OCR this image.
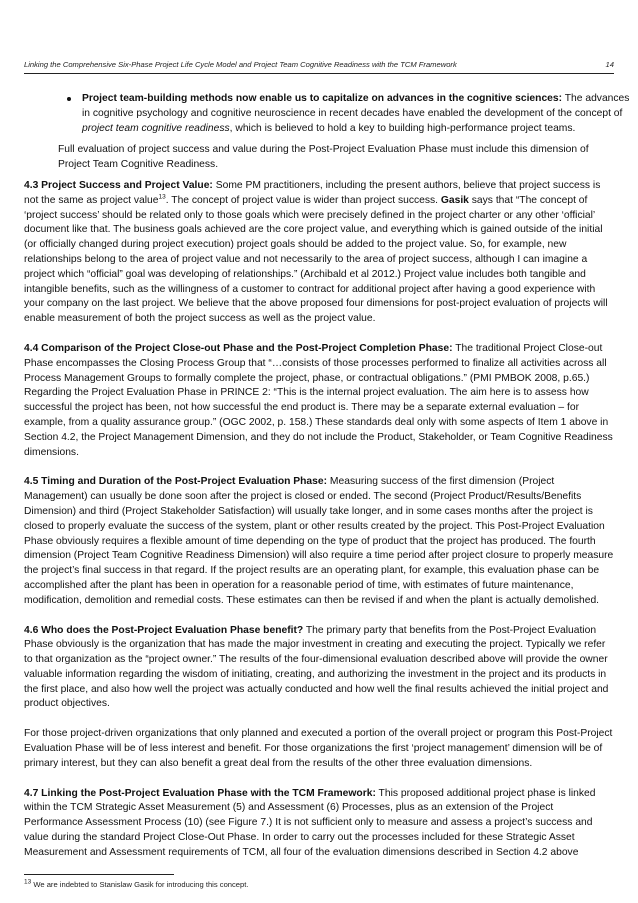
Linking the Comprehensive Six-Phase Project Life Cycle Model and Project Team Cognitive Readiness with the TCM Framework	14

Project team-building methods now enable us to capitalize on advances in the cognitive sciences: The advances in cognitive psychology and cognitive neuroscience in recent decades have enabled the development of the concept of project team cognitive readiness, which is believed to hold a key to building high-performance project teams.

Full evaluation of project success and value during the Post-Project Evaluation Phase must include this dimension of Project Team Cognitive Readiness.

4.3 Project Success and Project Value: Some PM practitioners, including the present authors, believe that project success is not the same as project value$^{13}$. The concept of project value is wider than project success. Gasik says that “The concept of ‘project success’ should be related only to those goals which were precisely defined in the project charter or any other ‘official’ document like that. The business goals achieved are the core project value, and everything which is gained outside of the initial (or officially changed during project execution) project goals should be added to the project value. So, for example, new relationships belong to the area of project value and not necessarily to the area of project success, although I can imagine a project which “official” goal was developing of relationships.” (Archibald et al 2012.) Project value includes both tangible and intangible benefits, such as the willingness of a customer to contract for additional project after having a good experience with your company on the last project. We believe that the above proposed four dimensions for post-project evaluation of projects will enable measurement of both the project success as well as the project value.

4.4 Comparison of the Project Close-out Phase and the Post-Project Completion Phase: The traditional Project Close-out Phase encompasses the Closing Process Group that “…consists of those processes performed to finalize all activities across all Process Management Groups to formally complete the project, phase, or contractual obligations.” (PMI PMBOK 2008, p.65.) Regarding the Project Evaluation Phase in PRINCE 2: “This is the internal project evaluation. The aim here is to assess how successful the project has been, not how successful the end product is. There may be a separate external evaluation – for example, from a quality assurance group.” (OGC 2002, p. 158.) These standards deal only with some aspects of Item 1 above in Section 4.2, the Project Management Dimension, and they do not include the Product, Stakeholder, or Team Cognitive Readiness dimensions.

4.5 Timing and Duration of the Post-Project Evaluation Phase: Measuring success of the first dimension (Project Management) can usually be done soon after the project is closed or ended. The second (Project Product/Results/Benefits Dimension) and third (Project Stakeholder Satisfaction) will usually take longer, and in some cases months after the project is closed to properly evaluate the success of the system, plant or other results created by the project. This Post-Project Evaluation Phase obviously requires a flexible amount of time depending on the type of product that the project has produced. The fourth dimension (Project Team Cognitive Readiness Dimension) will also require a time period after project closure to properly measure the project’s final success in that regard. If the project results are an operating plant, for example, this evaluation phase can be accomplished after the plant has been in operation for a reasonable period of time, with estimates of future maintenance, modification, demolition and remedial costs. These estimates can then be revised if and when the plant is actually demolished.

4.6 Who does the Post-Project Evaluation Phase benefit? The primary party that benefits from the Post-Project Evaluation Phase obviously is the organization that has made the major investment in creating and executing the project. Typically we refer to that organization as the “project owner.” The results of the four-dimensional evaluation described above will provide the owner valuable information regarding the wisdom of initiating, creating, and authorizing the investment in the project and its products in the first place, and also how well the project was actually conducted and how well the final results achieved the initial project and product objectives.

For those project-driven organizations that only planned and executed a portion of the overall project or program this Post-Project Evaluation Phase will be of less interest and benefit. For those organizations the first ‘project management’ dimension will be of primary interest, but they can also benefit a great deal from the results of the other three evaluation dimensions.

4.7 Linking the Post-Project Evaluation Phase with the TCM Framework: This proposed additional project phase is linked within the TCM Strategic Asset Measurement (5) and Assessment (6) Processes, plus as an extension of the Project Performance Assessment Process (10) (see Figure 7.) It is not sufficient only to measure and assess a project’s success and value during the standard Project Close-Out Phase. In order to carry out the processes included for these Strategic Asset Measurement and Assessment requirements of TCM, all four of the evaluation dimensions described in Section 4.2 above

$^{13}$ We are indebted to Stanislaw Gasik for introducing this concept.
